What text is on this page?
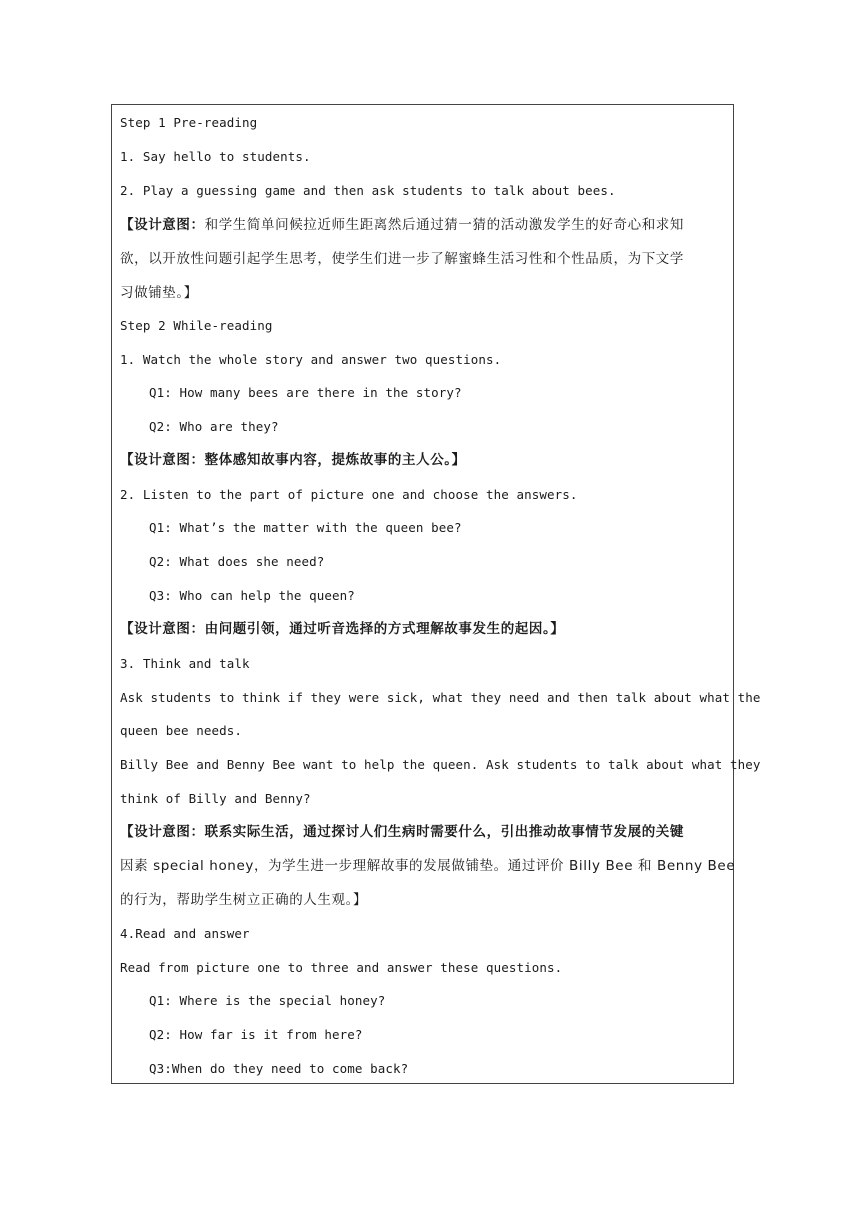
Step 1 Pre-reading
1. Say hello to students.
2. Play a guessing game and then ask students to talk about bees.
【设计意图：和学生简单问候拉近师生距离然后通过猜一猜的活动激发学生的好奇心和求知
欲，以开放性问题引起学生思考，使学生们进一步了解蜜蜂生活习性和个性品质，为下文学
习做铺垫。】
Step 2 While-reading
1. Watch the whole story and answer two questions.
Q1: How many bees are there in the story?
Q2: Who are they?
【设计意图：整体感知故事内容，提炼故事的主人公。】
2. Listen to the part of picture one and choose the answers.
Q1: What’s the matter with the queen bee?
Q2: What does she need?
Q3: Who can help the queen?
【设计意图：由问题引领，通过听音选择的方式理解故事发生的起因。】
3. Think and talk
Ask students to think if they were sick, what they need and then talk about what the
queen bee needs.
Billy Bee and Benny Bee want to help the queen. Ask students to talk about what they
think of Billy and Benny?
【设计意图：联系实际生活，通过探讨人们生病时需要什么，引出推动故事情节发展的关键
因素 special honey，为学生进一步理解故事的发展做铺垫。通过评价 Billy Bee 和 Benny Bee
的行为，帮助学生树立正确的人生观。】
4.Read and answer
Read from picture one to three and answer these questions.
Q1: Where is the special honey?
Q2: How far is it from here?
Q3:When do they need to come back?
